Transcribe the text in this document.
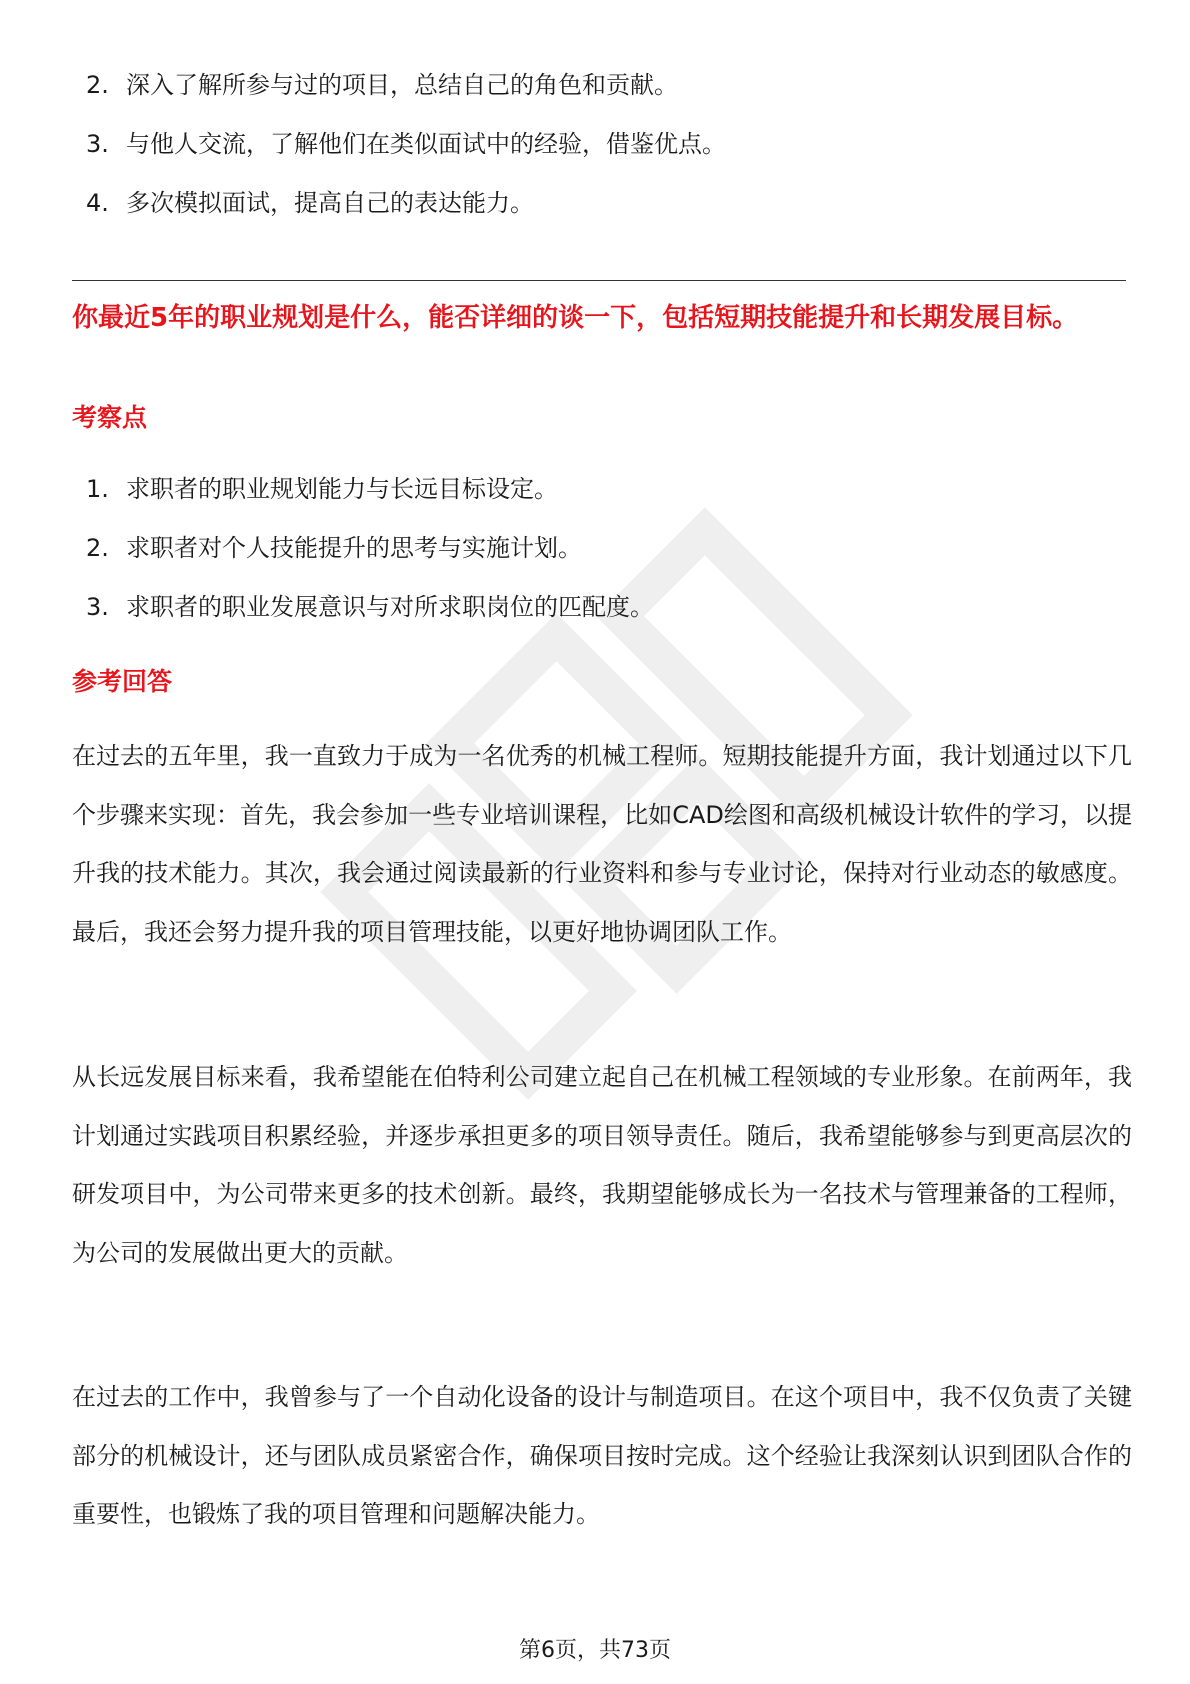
2. 深入了解所参与过的项目，总结自己的角色和贡献。
3. 与他人交流，了解他们在类似面试中的经验，借鉴优点。
4. 多次模拟面试，提高自己的表达能力。
你最近5年的职业规划是什么，能否详细的谈一下，包括短期技能提升和长期发展目标。
考察点
1. 求职者的职业规划能力与长远目标设定。
2. 求职者对个人技能提升的思考与实施计划。
3. 求职者的职业发展意识与对所求职岗位的匹配度。
参考回答

在过去的五年里，我一直致力于成为一名优秀的机械工程师。短期技能提升方面，我计划通过以下几个步骤来实现：首先，我会参加一些专业培训课程，比如CAD绘图和高级机械设计软件的学习，以提升我的技术能力。其次，我会通过阅读最新的行业资料和参与专业讨论，保持对行业动态的敏感度。最后，我还会努力提升我的项目管理技能，以更好地协调团队工作。

从长远发展目标来看，我希望能在伯特利公司建立起自己在机械工程领域的专业形象。在前两年，我计划通过实践项目积累经验，并逐步承担更多的项目领导责任。随后，我希望能够参与到更高层次的研发项目中，为公司带来更多的技术创新。最终，我期望能够成长为一名技术与管理兼备的工程师，为公司的发展做出更大的贡献。

在过去的工作中，我曾参与了一个自动化设备的设计与制造项目。在这个项目中，我不仅负责了关键部分的机械设计，还与团队成员紧密合作，确保项目按时完成。这个经验让我深刻认识到团队合作的重要性，也锻炼了我的项目管理和问题解决能力。

第6页，共73页
